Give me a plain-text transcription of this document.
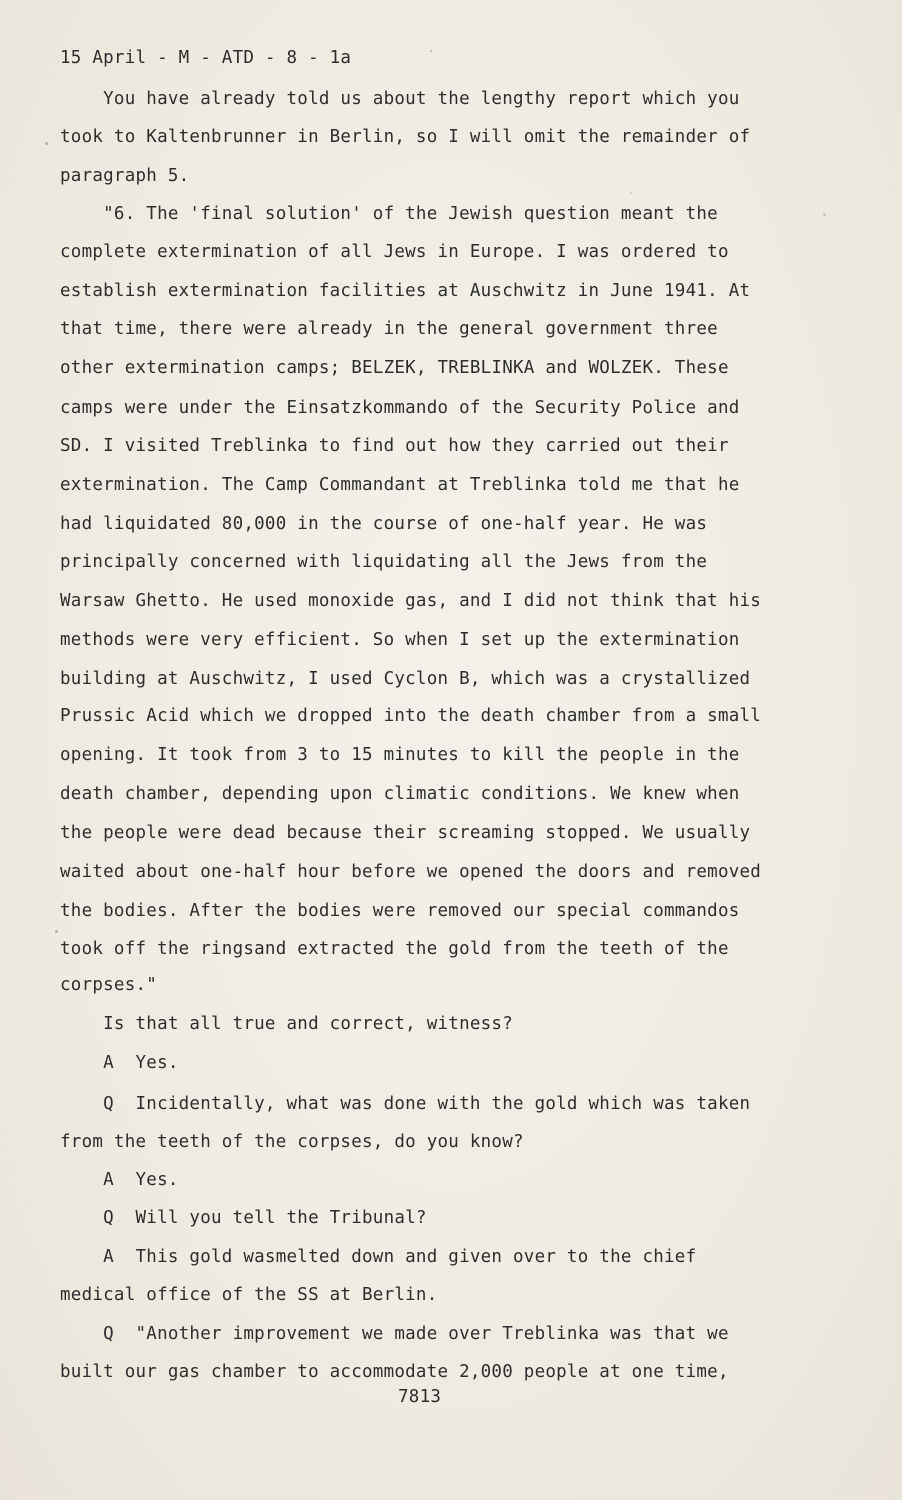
15 April - M - ATD - 8 - 1a
You have already told us about the lengthy report which you
took to Kaltenbrunner in Berlin, so I will omit the remainder of
paragraph 5.
"6. The 'final solution' of the Jewish question meant the
complete extermination of all Jews in Europe. I was ordered to
establish extermination facilities at Auschwitz in June 1941. At
that time, there were already in the general government three
other extermination camps; BELZEK, TREBLINKA and WOLZEK. These
camps were under the Einsatzkommando of the Security Police and
SD. I visited Treblinka to find out how they carried out their
extermination. The Camp Commandant at Treblinka told me that he
had liquidated 80,000 in the course of one-half year. He was
principally concerned with liquidating all the Jews from the
Warsaw Ghetto. He used monoxide gas, and I did not think that his
methods were very efficient. So when I set up the extermination
building at Auschwitz, I used Cyclon B, which was a crystallized
Prussic Acid which we dropped into the death chamber from a small
opening. It took from 3 to 15 minutes to kill the people in the
death chamber, depending upon climatic conditions. We knew when
the people were dead because their screaming stopped. We usually
waited about one-half hour before we opened the doors and removed
the bodies. After the bodies were removed our special commandos
took off the ringsand extracted the gold from the teeth of the
corpses."
Is that all true and correct, witness?
A  Yes.
Q  Incidentally, what was done with the gold which was taken
from the teeth of the corpses, do you know?
A  Yes.
Q  Will you tell the Tribunal?
A  This gold wasmelted down and given over to the chief
medical office of the SS at Berlin.
Q  "Another improvement we made over Treblinka was that we
built our gas chamber to accommodate 2,000 people at one time,
7813
